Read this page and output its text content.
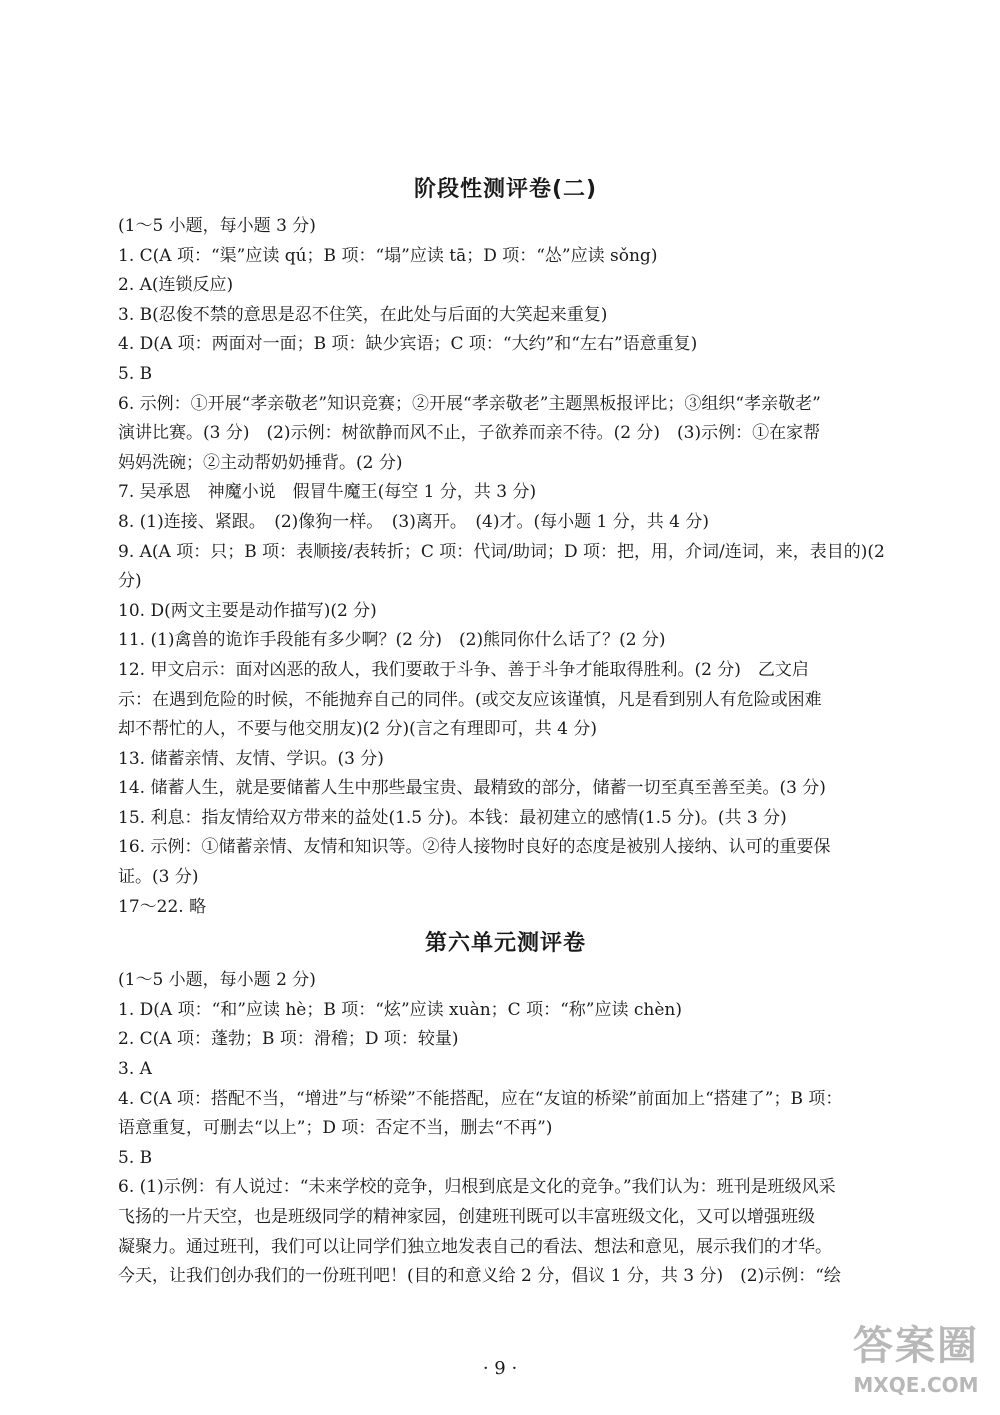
阶段性测评卷(二)

(1～5 小题，每小题 3 分)

1. C(A 项：“渠”应读 qú；B 项：“塌”应读 tā；D 项：“怂”应读 sǒng)

2. A(连锁反应)

3. B(忍俊不禁的意思是忍不住笑，在此处与后面的大笑起来重复)

4. D(A 项：两面对一面；B 项：缺少宾语；C 项：“大约”和“左右”语意重复)

5. B

6. 示例：①开展“孝亲敬老”知识竞赛；②开展“孝亲敬老”主题黑板报评比；③组织“孝亲敬老”

演讲比赛。(3 分)　(2)示例：树欲静而风不止，子欲养而亲不待。(2 分)　(3)示例：①在家帮

妈妈洗碗；②主动帮奶奶捶背。(2 分)

7. 吴承恩　神魔小说　假冒牛魔王(每空 1 分，共 3 分)

8. (1)连接、紧跟。　(2)像狗一样。　(3)离开。　(4)才。(每小题 1 分，共 4 分)

9. A(A 项：只；B 项：表顺接/表转折；C 项：代词/助词；D 项：把，用，介词/连词，来，表目的)(2

分)

10. D(两文主要是动作描写)(2 分)

11. (1)禽兽的诡诈手段能有多少啊？(2 分)　(2)熊同你什么话了？(2 分)

12. 甲文启示：面对凶恶的敌人，我们要敢于斗争、善于斗争才能取得胜利。(2 分)　乙文启

示：在遇到危险的时候，不能抛弃自己的同伴。(或交友应该谨慎，凡是看到别人有危险或困难

却不帮忙的人，不要与他交朋友)(2 分)(言之有理即可，共 4 分)

13. 储蓄亲情、友情、学识。(3 分)

14. 储蓄人生，就是要储蓄人生中那些最宝贵、最精致的部分，储蓄一切至真至善至美。(3 分)

15. 利息：指友情给双方带来的益处(1.5 分)。本钱：最初建立的感情(1.5 分)。(共 3 分)

16. 示例：①储蓄亲情、友情和知识等。②待人接物时良好的态度是被别人接纳、认可的重要保

证。(3 分)

17～22. 略

第六单元测评卷

(1～5 小题，每小题 2 分)

1. D(A 项：“和”应读 hè；B 项：“炫”应读 xuàn；C 项：“称”应读 chèn)

2. C(A 项：蓬勃；B 项：滑稽；D 项：较量)

3. A

4. C(A 项：搭配不当，“增进”与“桥梁”不能搭配，应在“友谊的桥梁”前面加上“搭建了”；B 项：

语意重复，可删去“以上”；D 项：否定不当，删去“不再”)

5. B

6. (1)示例：有人说过：“未来学校的竞争，归根到底是文化的竞争。”我们认为：班刊是班级风采

飞扬的一片天空，也是班级同学的精神家园，创建班刊既可以丰富班级文化，又可以增强班级

凝聚力。通过班刊，我们可以让同学们独立地发表自己的看法、想法和意见，展示我们的才华。

今天，让我们创办我们的一份班刊吧！(目的和意义给 2 分，倡议 1 分，共 3 分)　(2)示例：“绘

· 9 ·	答案圈
MXQE.COM
